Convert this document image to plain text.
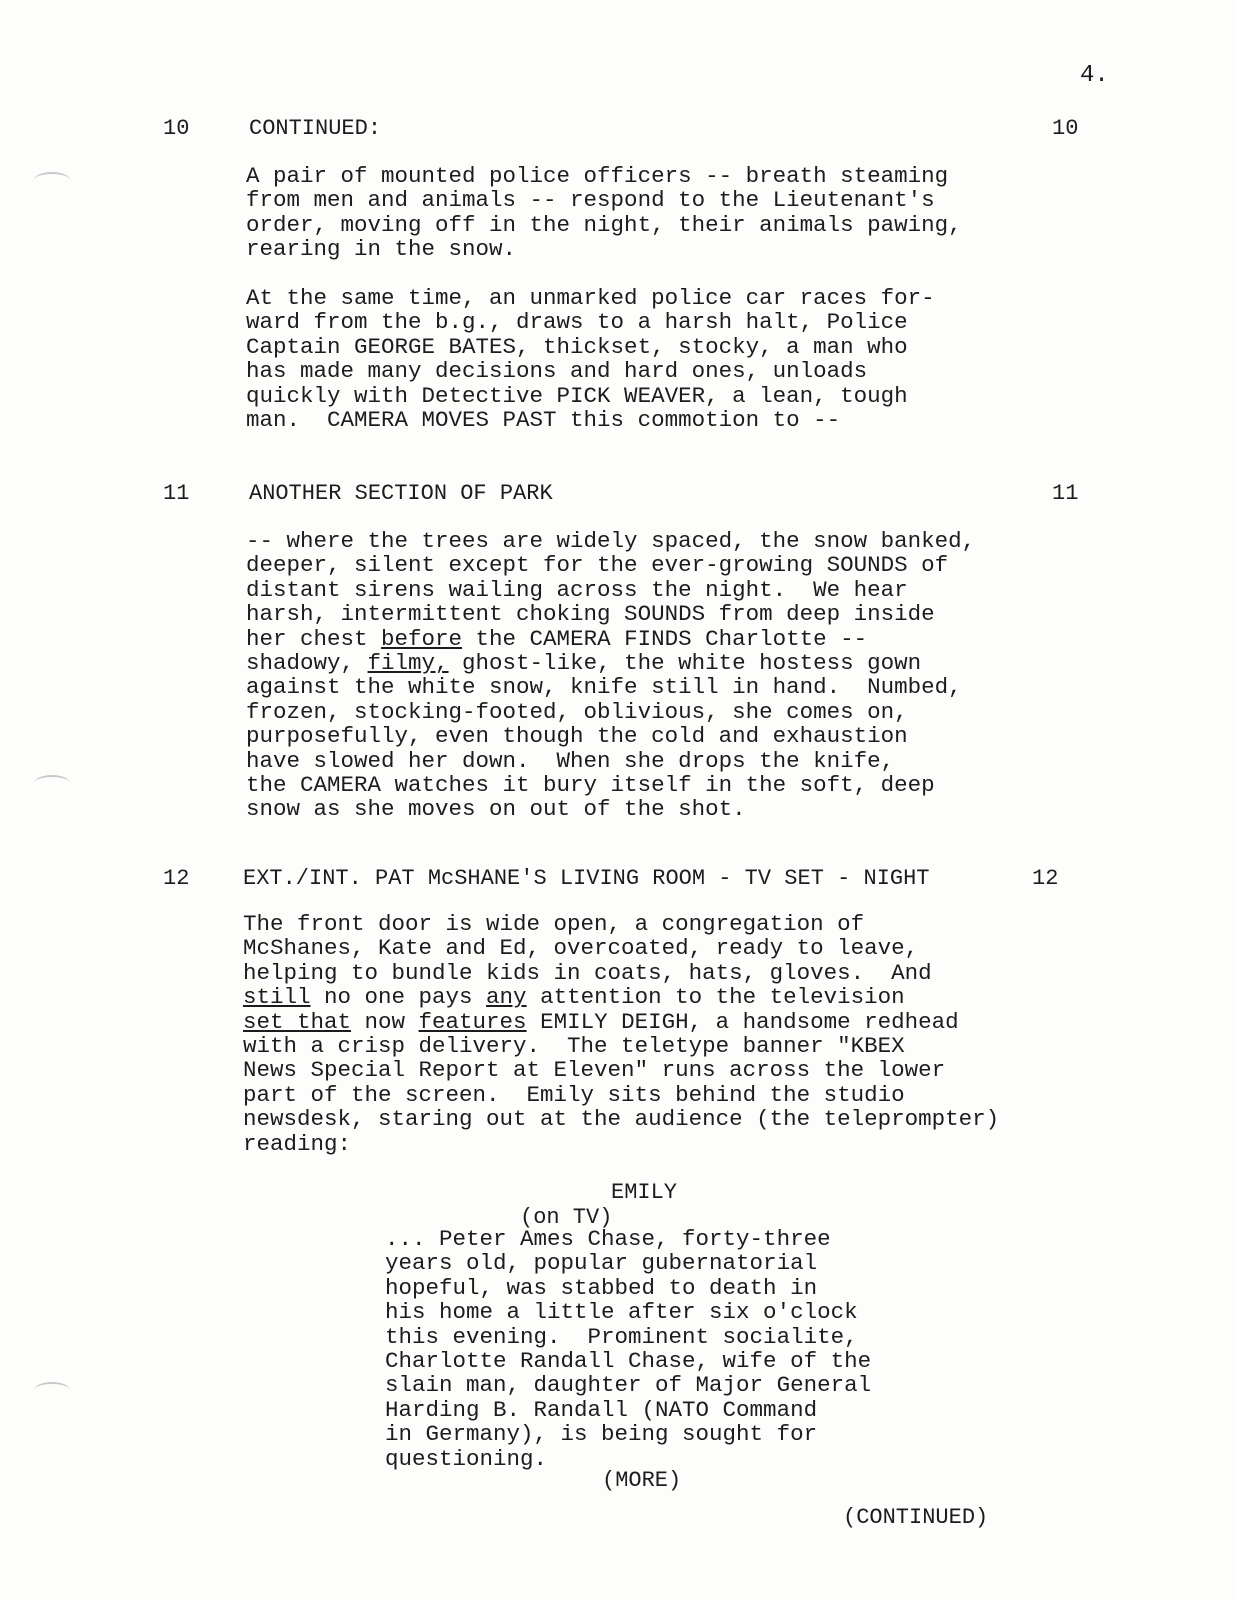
4.
10	CONTINUED:	10
A pair of mounted police officers -- breath steaming
from men and animals -- respond to the Lieutenant's
order, moving off in the night, their animals pawing,
rearing in the snow.
At the same time, an unmarked police car races for-
ward from the b.g., draws to a harsh halt, Police
Captain GEORGE BATES, thickset, stocky, a man who
has made many decisions and hard ones, unloads
quickly with Detective PICK WEAVER, a lean, tough
man.  CAMERA MOVES PAST this commotion to --
11	ANOTHER SECTION OF PARK	11
-- where the trees are widely spaced, the snow banked,
deeper, silent except for the ever-growing SOUNDS of
distant sirens wailing across the night.  We hear
harsh, intermittent choking SOUNDS from deep inside
her chest before the CAMERA FINDS Charlotte --
shadowy, filmy, ghost-like, the white hostess gown
against the white snow, knife still in hand.  Numbed,
frozen, stocking-footed, oblivious, she comes on,
purposefully, even though the cold and exhaustion
have slowed her down.  When she drops the knife,
the CAMERA watches it bury itself in the soft, deep
snow as she moves on out of the shot.
12 EXT./INT. PAT McSHANE'S LIVING ROOM - TV SET - NIGHT	12
The front door is wide open, a congregation of
McShanes, Kate and Ed, overcoated, ready to leave,
helping to bundle kids in coats, hats, gloves.  And
still no one pays any attention to the television
set that now features EMILY DEIGH, a handsome redhead
with a crisp delivery.  The teletype banner "KBEX
News Special Report at Eleven" runs across the lower
part of the screen.  Emily sits behind the studio
newsdesk, staring out at the audience (the teleprompter)
reading:
EMILY
(on TV)
... Peter Ames Chase, forty-three
years old, popular gubernatorial
hopeful, was stabbed to death in
his home a little after six o'clock
this evening.  Prominent socialite,
Charlotte Randall Chase, wife of the
slain man, daughter of Major General
Harding B. Randall (NATO Command
in Germany), is being sought for
questioning.
(MORE)
(CONTINUED)
